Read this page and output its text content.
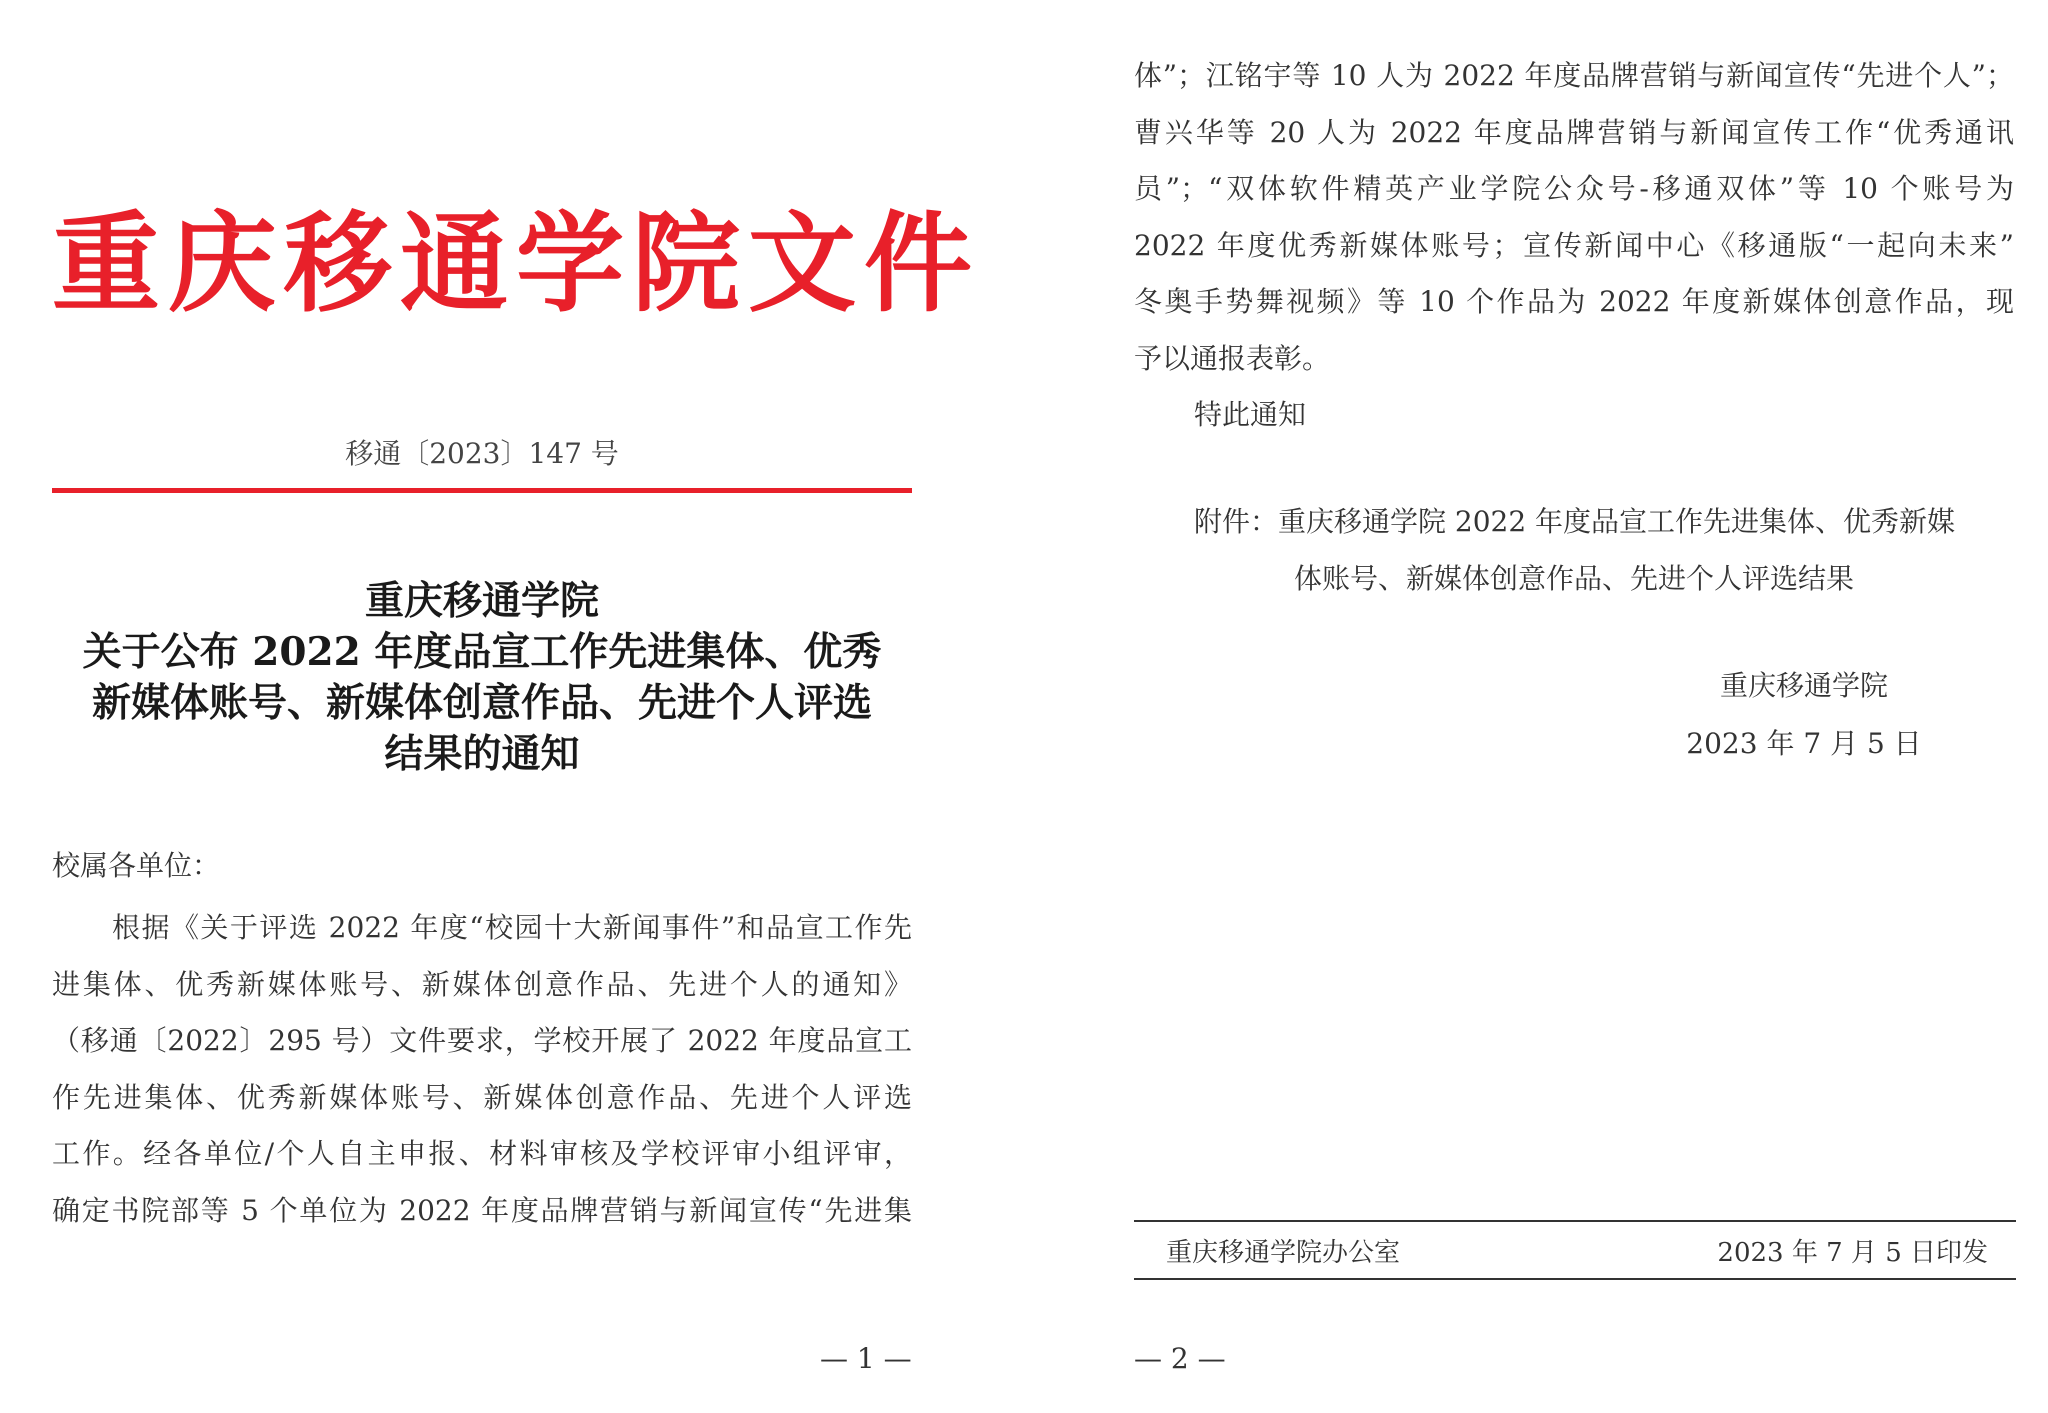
重庆移通学院文件
移通〔2023〕147 号
重庆移通学院
关于公布 2022 年度品宣工作先进集体、优秀
新媒体账号、新媒体创意作品、先进个人评选
结果的通知
校属各单位：
根据《关于评选 2022 年度“校园十大新闻事件”和品宣工作先
进集体、优秀新媒体账号、新媒体创意作品、先进个人的通知》
（移通〔2022〕295 号）文件要求，学校开展了 2022 年度品宣工
作先进集体、优秀新媒体账号、新媒体创意作品、先进个人评选
工作。经各单位/个人自主申报、材料审核及学校评审小组评审，
确定书院部等 5 个单位为 2022 年度品牌营销与新闻宣传“先进集
— 1 —
体”；江铭宇等 10 人为 2022 年度品牌营销与新闻宣传“先进个人”；
曹兴华等 20 人为 2022 年度品牌营销与新闻宣传工作“优秀通讯
员”；“双体软件精英产业学院公众号-移通双体”等 10 个账号为
2022 年度优秀新媒体账号；宣传新闻中心《移通版“一起向未来”
冬奥手势舞视频》等 10 个作品为 2022 年度新媒体创意作品，现
予以通报表彰。
特此通知
附件：重庆移通学院 2022 年度品宣工作先进集体、优秀新媒
体账号、新媒体创意作品、先进个人评选结果
重庆移通学院
2023 年 7 月 5 日
重庆移通学院办公室	2023 年 7 月 5 日印发
— 2 —
